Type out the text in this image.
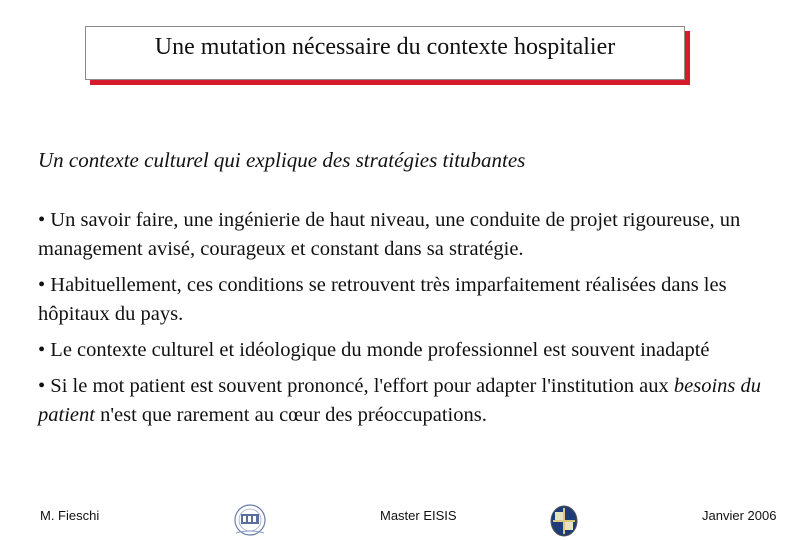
Une mutation nécessaire du contexte hospitalier
Un contexte culturel qui explique des stratégies titubantes
• Un savoir faire, une ingénierie de haut niveau, une conduite de projet rigoureuse, un management avisé, courageux et constant dans sa stratégie.
• Habituellement, ces conditions se retrouvent très imparfaitement réalisées dans les hôpitaux du pays.
• Le contexte culturel et idéologique du monde professionnel est souvent inadapté
• Si le mot patient est souvent prononcé, l'effort pour adapter l'institution aux besoins du patient n'est que rarement au cœur des préoccupations.
M. Fieschi	Master EISIS	Janvier 2006
